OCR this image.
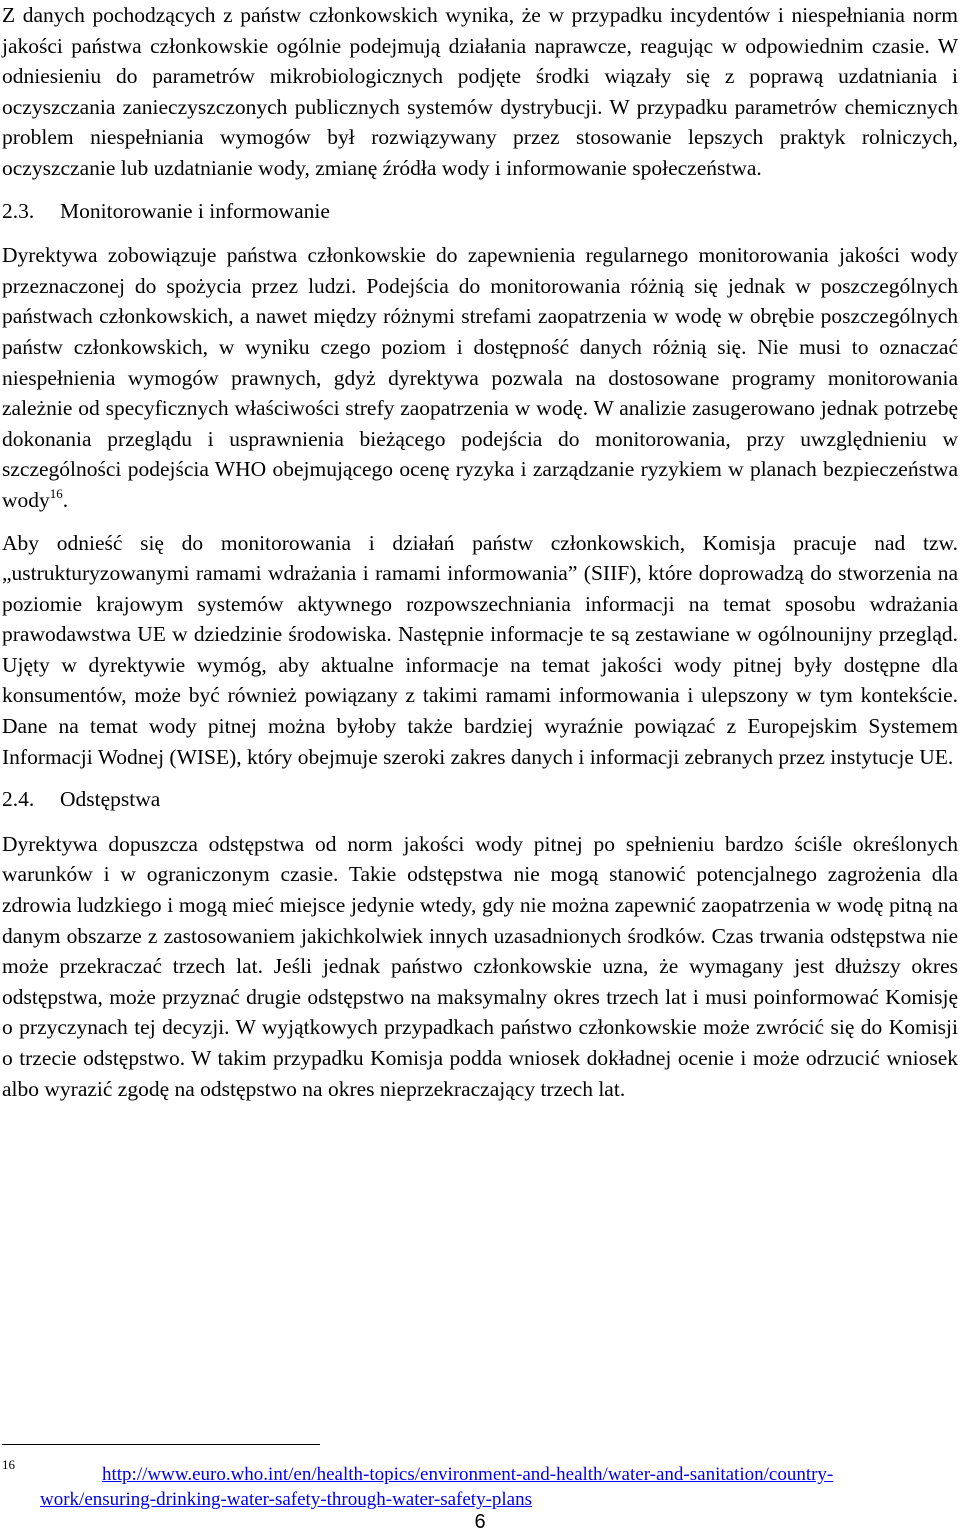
Z danych pochodzących z państw członkowskich wynika, że w przypadku incydentów i niespełniania norm jakości państwa członkowskie ogólnie podejmują działania naprawcze, reagując w odpowiednim czasie. W odniesieniu do parametrów mikrobiologicznych podjęte środki wiązały się z poprawą uzdatniania i oczyszczania zanieczyszczonych publicznych systemów dystrybucji. W przypadku parametrów chemicznych problem niespełniania wymogów był rozwiązywany przez stosowanie lepszych praktyk rolniczych, oczyszczanie lub uzdatnianie wody, zmianę źródła wody i informowanie społeczeństwa.

2.3. Monitorowanie i informowanie

Dyrektywa zobowiązuje państwa członkowskie do zapewnienia regularnego monitorowania jakości wody przeznaczonej do spożycia przez ludzi. Podejścia do monitorowania różnią się jednak w poszczególnych państwach członkowskich, a nawet między różnymi strefami zaopatrzenia w wodę w obrębie poszczególnych państw członkowskich, w wyniku czego poziom i dostępność danych różnią się. Nie musi to oznaczać niespełnienia wymogów prawnych, gdyż dyrektywa pozwala na dostosowane programy monitorowania zależnie od specyficznych właściwości strefy zaopatrzenia w wodę. W analizie zasugerowano jednak potrzebę dokonania przeglądu i usprawnienia bieżącego podejścia do monitorowania, przy uwzględnieniu w szczególności podejścia WHO obejmującego ocenę ryzyka i zarządzanie ryzykiem w planach bezpieczeństwa wody$^{16}$.

Aby odnieść się do monitorowania i działań państw członkowskich, Komisja pracuje nad tzw. „ustrukturyzowanymi ramami wdrażania i ramami informowania” (SIIF), które doprowadzą do stworzenia na poziomie krajowym systemów aktywnego rozpowszechniania informacji na temat sposobu wdrażania prawodawstwa UE w dziedzinie środowiska. Następnie informacje te są zestawiane w ogólnounijny przegląd. Ujęty w dyrektywie wymóg, aby aktualne informacje na temat jakości wody pitnej były dostępne dla konsumentów, może być również powiązany z takimi ramami informowania i ulepszony w tym kontekście. Dane na temat wody pitnej można byłoby także bardziej wyraźnie powiązać z Europejskim Systemem Informacji Wodnej (WISE), który obejmuje szeroki zakres danych i informacji zebranych przez instytucje UE.

2.4. Odstępstwa

Dyrektywa dopuszcza odstępstwa od norm jakości wody pitnej po spełnieniu bardzo ściśle określonych warunków i w ograniczonym czasie. Takie odstępstwa nie mogą stanowić potencjalnego zagrożenia dla zdrowia ludzkiego i mogą mieć miejsce jedynie wtedy, gdy nie można zapewnić zaopatrzenia w wodę pitną na danym obszarze z zastosowaniem jakichkolwiek innych uzasadnionych środków. Czas trwania odstępstwa nie może przekraczać trzech lat. Jeśli jednak państwo członkowskie uzna, że wymagany jest dłuższy okres odstępstwa, może przyznać drugie odstępstwo na maksymalny okres trzech lat i musi poinformować Komisję o przyczynach tej decyzji. W wyjątkowych przypadkach państwo członkowskie może zwrócić się do Komisji o trzecie odstępstwo. W takim przypadku Komisja podda wniosek dokładnej ocenie i może odrzucić wniosek albo wyrazić zgodę na odstępstwo na okres nieprzekraczający trzech lat.

16	http://www.euro.who.int/en/health-topics/environment-and-health/water-and-sanitation/country-
work/ensuring-drinking-water-safety-through-water-safety-plans
6
